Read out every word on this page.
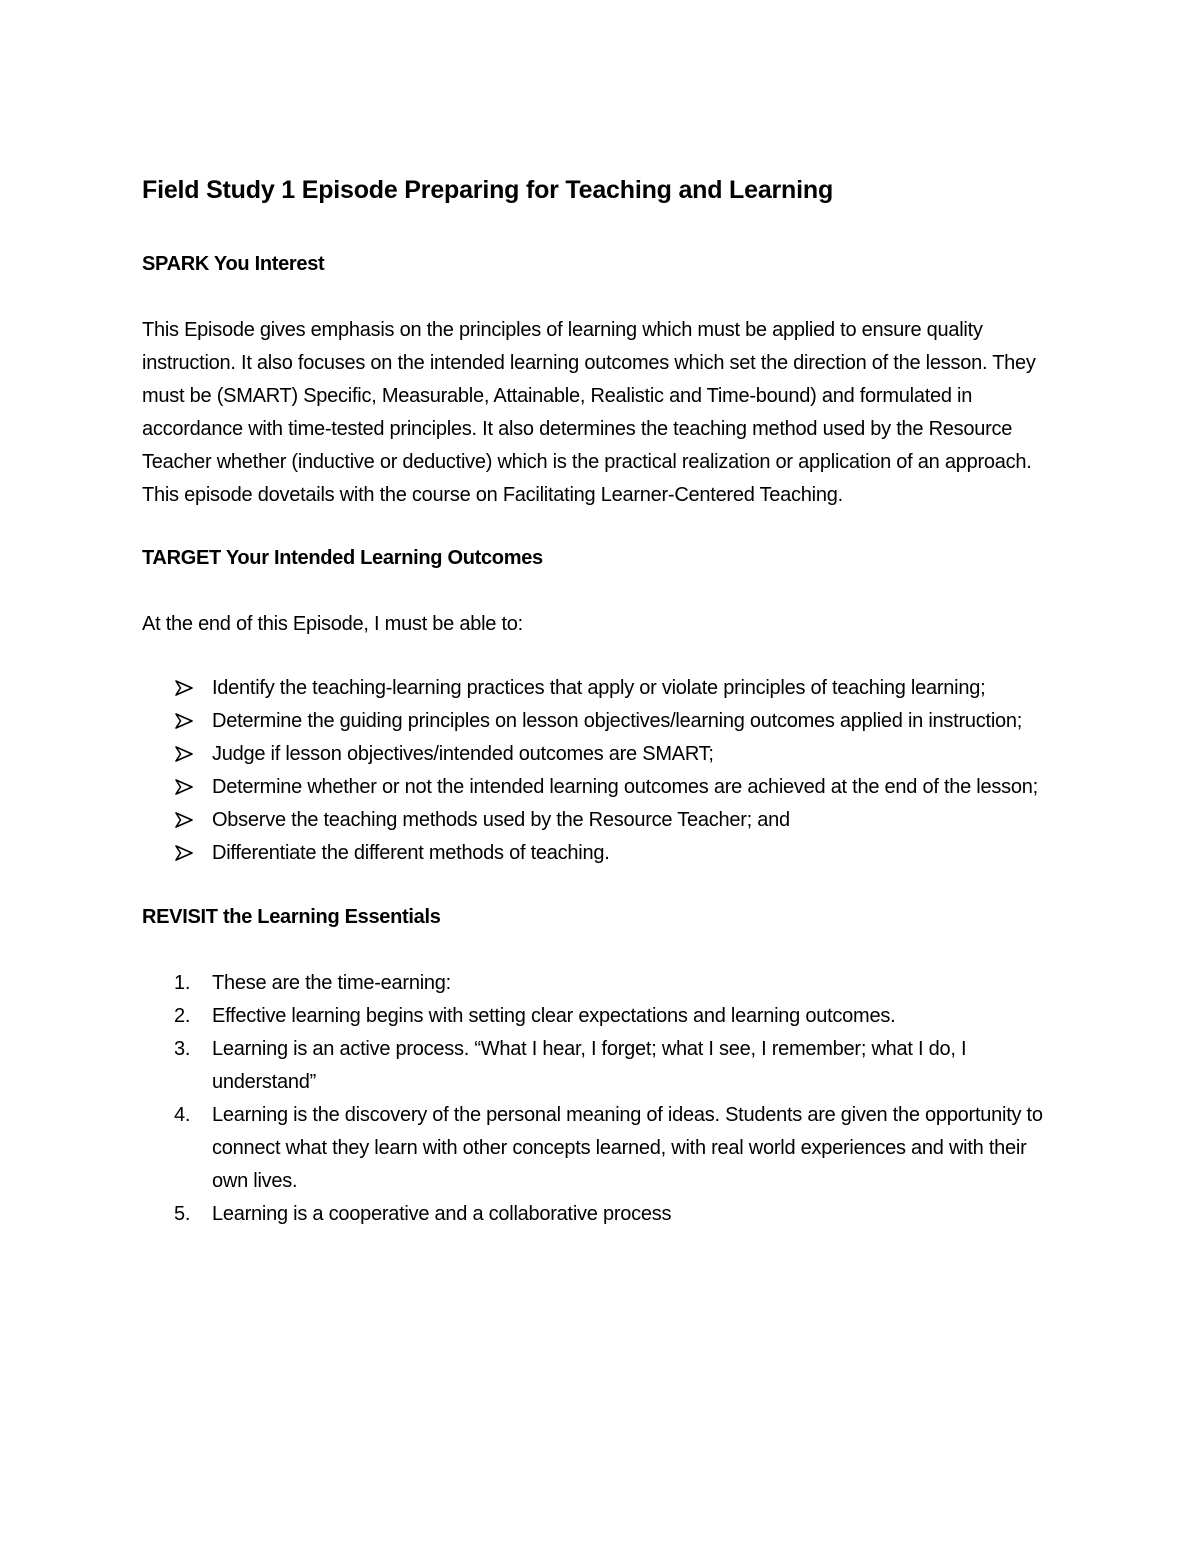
Field Study 1 Episode Preparing for Teaching and Learning
SPARK You Interest

This Episode gives emphasis on the principles of learning which must be applied to ensure quality instruction. It also focuses on the intended learning outcomes which set the direction of the lesson. They must be (SMART) Specific, Measurable, Attainable, Realistic and Time-bound) and formulated in accordance with time-tested principles. It also determines the teaching method used by the Resource Teacher whether (inductive or deductive) which is the practical realization or application of an approach. This episode dovetails with the course on Facilitating Learner-Centered Teaching.

TARGET Your Intended Learning Outcomes

At the end of this Episode, I must be able to:

Identify the teaching-learning practices that apply or violate principles of teaching learning;
Determine the guiding principles on lesson objectives/learning outcomes applied in instruction;
Judge if lesson objectives/intended outcomes are SMART;
Determine whether or not the intended learning outcomes are achieved at the end of the lesson;
Observe the teaching methods used by the Resource Teacher; and
Differentiate the different methods of teaching.
REVISIT the Learning Essentials
1.	These are the time-earning:
2.	Effective learning begins with setting clear expectations and learning outcomes.
3.	Learning is an active process. “What I hear, I forget; what I see, I remember; what I do, I understand”
4.	Learning is the discovery of the personal meaning of ideas. Students are given the opportunity to connect what they learn with other concepts learned, with real world experiences and with their own lives.
5.	Learning is a cooperative and a collaborative process
